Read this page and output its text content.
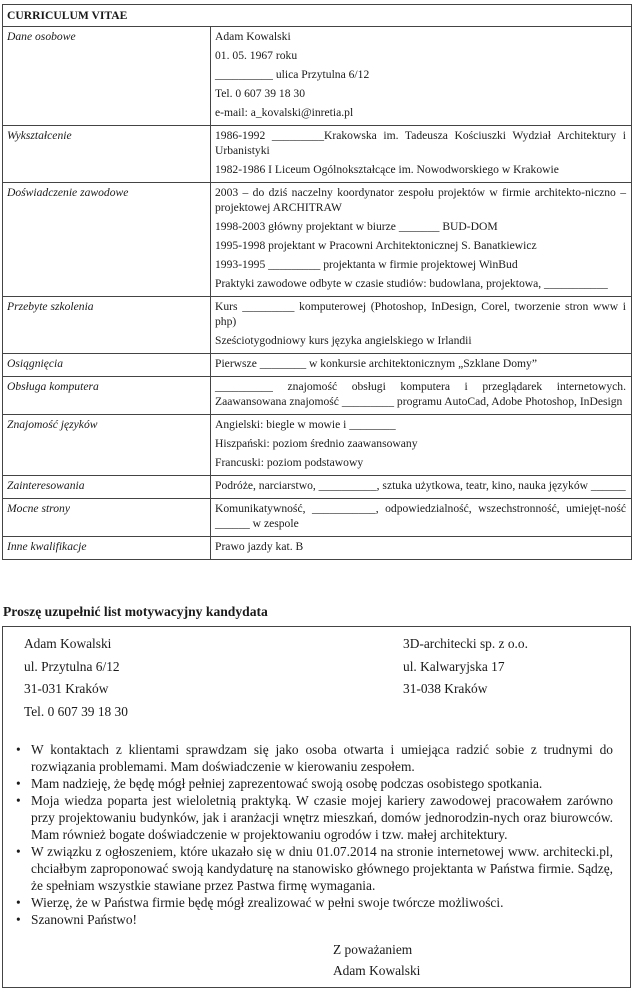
CURRICULUM VITAE	
Dane osobowe	Adam Kowalski
01. 05. 1967 roku
__________ ulica Przytulna 6/12
Tel. 0 607 39 18 30
e-mail: a_kovalski@inretia.pl

Wykształcenie	1986-1992 _________Krakowska im. Tadeusza Kościuszki Wydział Architektury i Urbanistyki
1982-1986 I Liceum Ogólnokształcące im. Nowodworskiego w Krakowie

Doświadczenie zawodowe	2003 – do dziś naczelny koordynator zespołu projektów w firmie architekto-niczno – projektowej ARCHITRAW
1998-2003 główny projektant w biurze _______ BUD-DOM
1995-1998 projektant w Pracowni Architektonicznej S. Banatkiewicz
1993-1995 _________ projektanta w firmie projektowej WinBud
Praktyki zawodowe odbyte w czasie studiów: budowlana, projektowa, ___________

Przebyte szkolenia	Kurs _________ komputerowej (Photoshop, InDesign, Corel, tworzenie stron www i php)
Sześciotygodniowy kurs języka angielskiego w Irlandii

Osiągnięcia	Pierwsze ________ w konkursie architektonicznym „Szklane Domy”

Obsługa komputera	__________ znajomość obsługi komputera i przeglądarek internetowych. Zaawansowana znajomość _________ programu AutoCad, Adobe Photoshop, InDesign

Znajomość języków	Angielski: biegle w mowie i ________
Hiszpański: poziom średnio zaawansowany
Francuski: poziom podstawowy

Zainteresowania	Podróże, narciarstwo, __________, sztuka użytkowa, teatr, kino, nauka języków ______

Mocne strony	Komunikatywność, ___________, odpowiedzialność, wszechstronność, umiejęt-ność ______ w zespole

Inne kwalifikacje	Prawo jazdy kat. B
Proszę uzupełnić list motywacyjny kandydata
Adam Kowalski
ul. Przytulna 6/12
31-031 Kraków
Tel. 0 607 39 18 30
3D-architecki sp. z o.o.
ul. Kalwaryjska 17
31-038 Kraków
• W kontaktach z klientami sprawdzam się jako osoba otwarta i umiejąca radzić sobie z trudnymi do rozwiązania problemami. Mam doświadczenie w kierowaniu zespołem.
• Mam nadzieję, że będę mógł pełniej zaprezentować swoją osobę podczas osobistego spotkania.
• Moja wiedza poparta jest wieloletnią praktyką. W czasie mojej kariery zawodowej pracowałem zarówno przy projektowaniu budynków, jak i aranżacji wnętrz mieszkań, domów jednorodzin-nych oraz biurowców. Mam również bogate doświadczenie w projektowaniu ogrodów i tzw. małej architektury.
• W związku z ogłoszeniem, które ukazało się w dniu 01.07.2014 na stronie internetowej www. architecki.pl, chciałbym zaproponować swoją kandydaturę na stanowisko głównego projektanta w Państwa firmie. Sądzę, że spełniam wszystkie stawiane przez Pastwa firmę wymagania.
• Wierzę, że w Państwa firmie będę mógł zrealizować w pełni swoje twórcze możliwości.
• Szanowni Państwo!
Z poważaniem
Adam Kowalski
